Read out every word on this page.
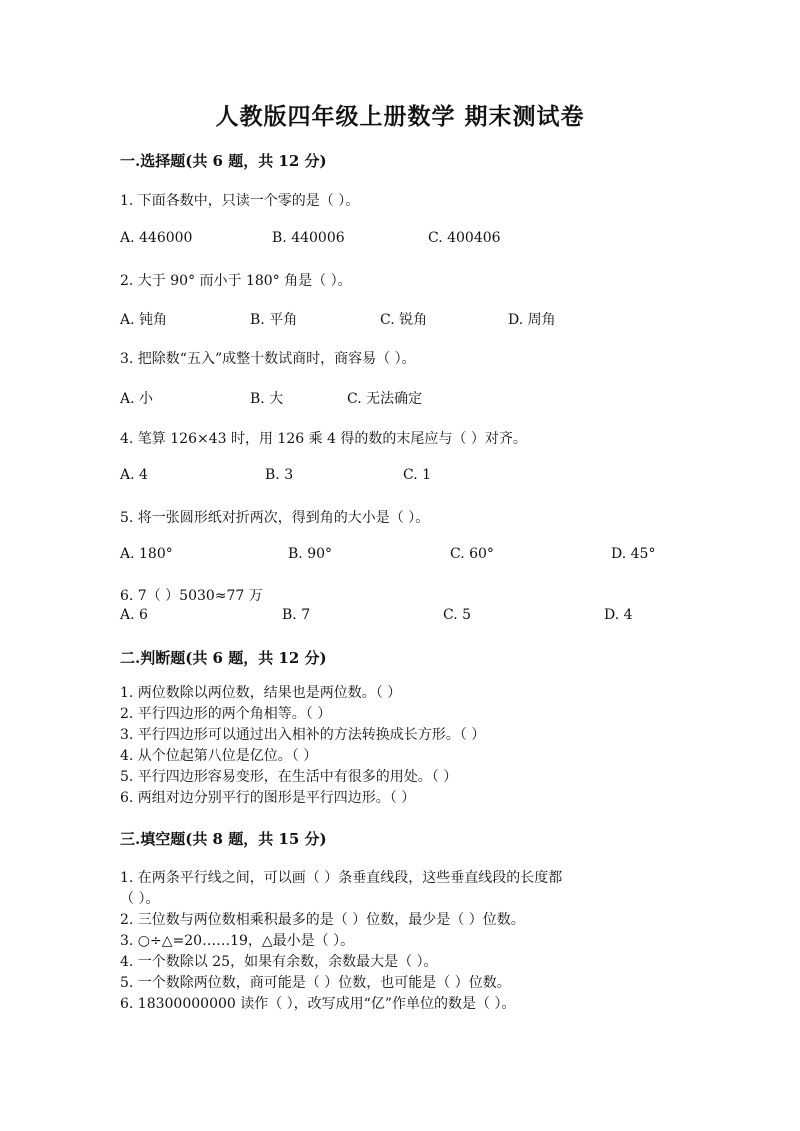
人教版四年级上册数学 期末测试卷
一.选择题(共 6 题，共 12 分)
1. 下面各数中，只读一个零的是（ ）。
A. 446000	B. 440006	C. 400406
2. 大于 90° 而小于 180° 角是（ ）。
A. 钝角	B. 平角	C. 锐角	D. 周角
3. 把除数“五入”成整十数试商时，商容易（ ）。
A. 小	B. 大	C. 无法确定
4. 笔算 126×43 时，用 126 乘 4 得的数的末尾应与（ ）对齐。
A. 4	B. 3	C. 1
5. 将一张圆形纸对折两次，得到角的大小是（ ）。
A. 180°	B. 90°	C. 60°	D. 45°
6. 7（ ）5030≈77 万
A. 6	B. 7	C. 5	D. 4
二.判断题(共 6 题，共 12 分)
1. 两位数除以两位数，结果也是两位数。（ ）
2. 平行四边形的两个角相等。（ ）
3. 平行四边形可以通过出入相补的方法转换成长方形。（ ）
4. 从个位起第八位是亿位。（ ）
5. 平行四边形容易变形，在生活中有很多的用处。（ ）
6. 两组对边分别平行的图形是平行四边形。（ ）
三.填空题(共 8 题，共 15 分)
1. 在两条平行线之间，可以画（ ）条垂直线段，这些垂直线段的长度都
（ ）。
2. 三位数与两位数相乘积最多的是（ ）位数，最少是（ ）位数。
3. ○÷△=20……19，△最小是（ ）。
4. 一个数除以 25，如果有余数，余数最大是（ ）。
5. 一个数除两位数，商可能是（ ）位数，也可能是（ ）位数。
6. 18300000000 读作（ ），改写成用“亿”作单位的数是（ ）。
